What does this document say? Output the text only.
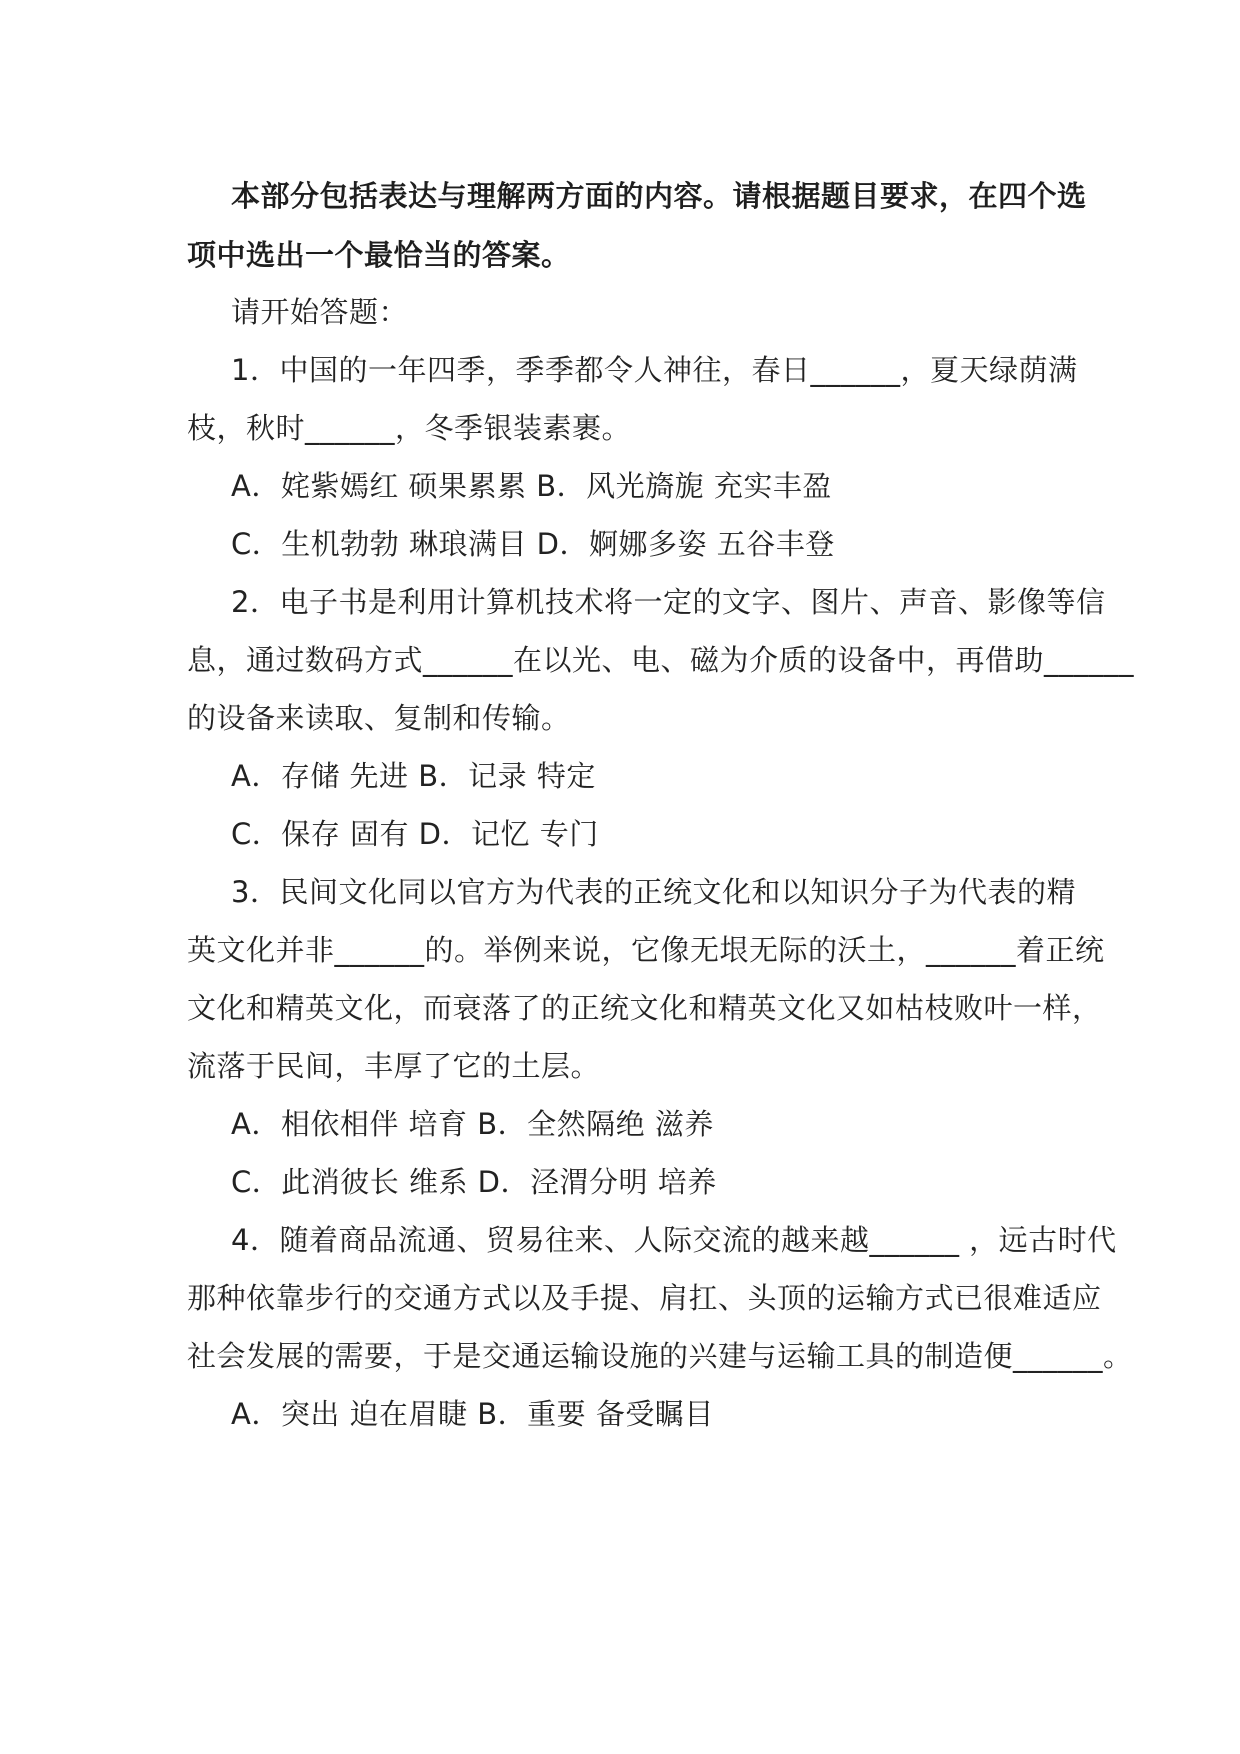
本部分包括表达与理解两方面的内容。请根据题目要求，在四个选
项中选出一个最恰当的答案。
请开始答题：
1．中国的一年四季，季季都令人神往，春日______，夏天绿荫满
枝，秋时______，冬季银装素裹。
A．姹紫嫣红 硕果累累 B．风光旖旎 充实丰盈
C．生机勃勃 琳琅满目 D．婀娜多姿 五谷丰登
2．电子书是利用计算机技术将一定的文字、图片、声音、影像等信
息，通过数码方式______在以光、电、磁为介质的设备中，再借助______
的设备来读取、复制和传输。
A．存储 先进 B．记录 特定
C．保存 固有 D．记忆 专门
3．民间文化同以官方为代表的正统文化和以知识分子为代表的精
英文化并非______的。举例来说，它像无垠无际的沃土，______着正统
文化和精英文化，而衰落了的正统文化和精英文化又如枯枝败叶一样，
流落于民间，丰厚了它的土层。
A．相依相伴 培育 B．全然隔绝 滋养
C．此消彼长 维系 D．泾渭分明 培养
4．随着商品流通、贸易往来、人际交流的越来越______ ，远古时代
那种依靠步行的交通方式以及手提、肩扛、头顶的运输方式已很难适应
社会发展的需要，于是交通运输设施的兴建与运输工具的制造便______。
A．突出 迫在眉睫 B．重要 备受瞩目
